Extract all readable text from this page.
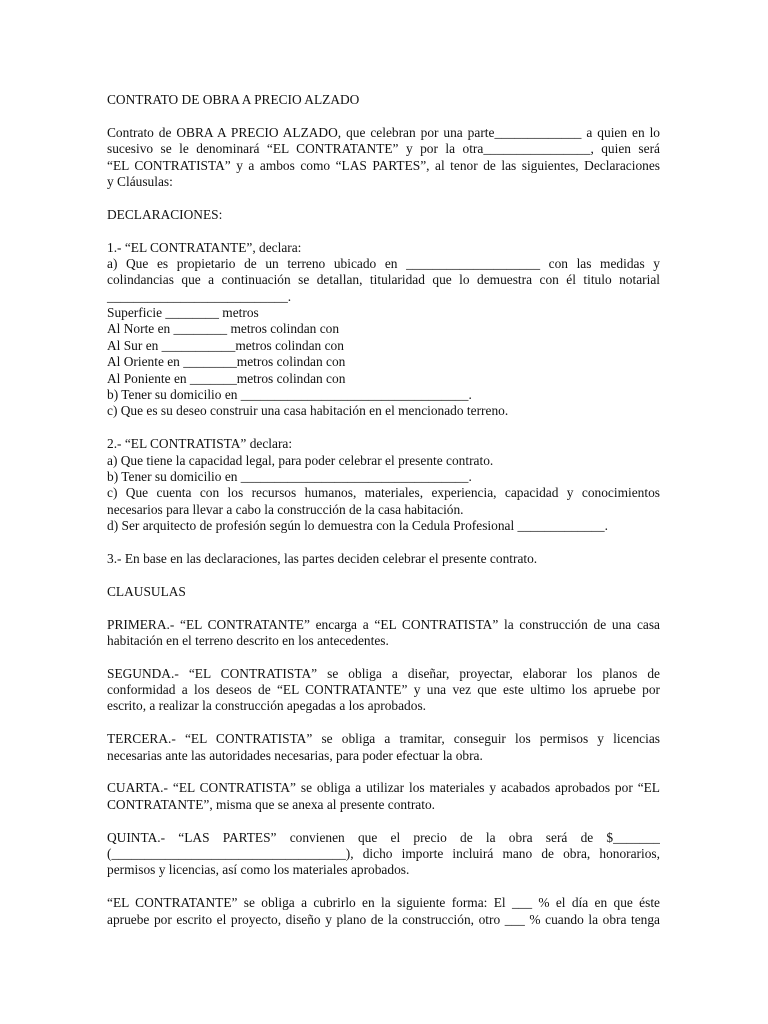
CONTRATO DE OBRA A PRECIO ALZADO
Contrato de OBRA A PRECIO ALZADO, que celebran por una parte_____________ a quien en lo
sucesivo se le denominará “EL CONTRATANTE” y por la otra________________, quien será
“EL CONTRATISTA” y a ambos como “LAS PARTES”, al tenor de las siguientes, Declaraciones
y Cláusulas:
DECLARACIONES:
1.- “EL CONTRATANTE”, declara:
a) Que es propietario de un terreno ubicado en ____________________ con las medidas y
colindancias que a continuación se detallan, titularidad que lo demuestra con él titulo notarial
___________________________.
Superficie ________ metros
Al Norte en ________ metros colindan con
Al Sur en ___________metros colindan con
Al Oriente en ________metros colindan con
Al Poniente en _______metros colindan con
b) Tener su domicilio en __________________________________.
c) Que es su deseo construir una casa habitación en el mencionado terreno.
2.- “EL CONTRATISTA” declara:
a) Que tiene la capacidad legal, para poder celebrar el presente contrato.
b) Tener su domicilio en __________________________________.
c) Que cuenta con los recursos humanos, materiales, experiencia, capacidad y conocimientos
necesarios para llevar a cabo la construcción de la casa habitación.
d) Ser arquitecto de profesión según lo demuestra con la Cedula Profesional _____________.
3.- En base en las declaraciones, las partes deciden celebrar el presente contrato.
CLAUSULAS
PRIMERA.- “EL CONTRATANTE” encarga a “EL CONTRATISTA” la construcción de una casa
habitación en el terreno descrito en los antecedentes.
SEGUNDA.- “EL CONTRATISTA” se obliga a diseñar, proyectar, elaborar los planos de
conformidad a los deseos de “EL CONTRATANTE” y una vez que este ultimo los apruebe por
escrito, a realizar la construcción apegadas a los aprobados.
TERCERA.- “EL CONTRATISTA” se obliga a tramitar, conseguir los permisos y licencias
necesarias ante las autoridades necesarias, para poder efectuar la obra.
CUARTA.- “EL CONTRATISTA” se obliga a utilizar los materiales y acabados aprobados por “EL
CONTRATANTE”, misma que se anexa al presente contrato.
QUINTA.- “LAS PARTES” convienen que el precio de la obra será de $_______
(___________________________________), dicho importe incluirá mano de obra, honorarios,
permisos y licencias, así como los materiales aprobados.
“EL CONTRATANTE” se obliga a cubrirlo en la siguiente forma: El ___ % el día en que éste
apruebe por escrito el proyecto, diseño y plano de la construcción, otro ___ % cuando la obra tenga
